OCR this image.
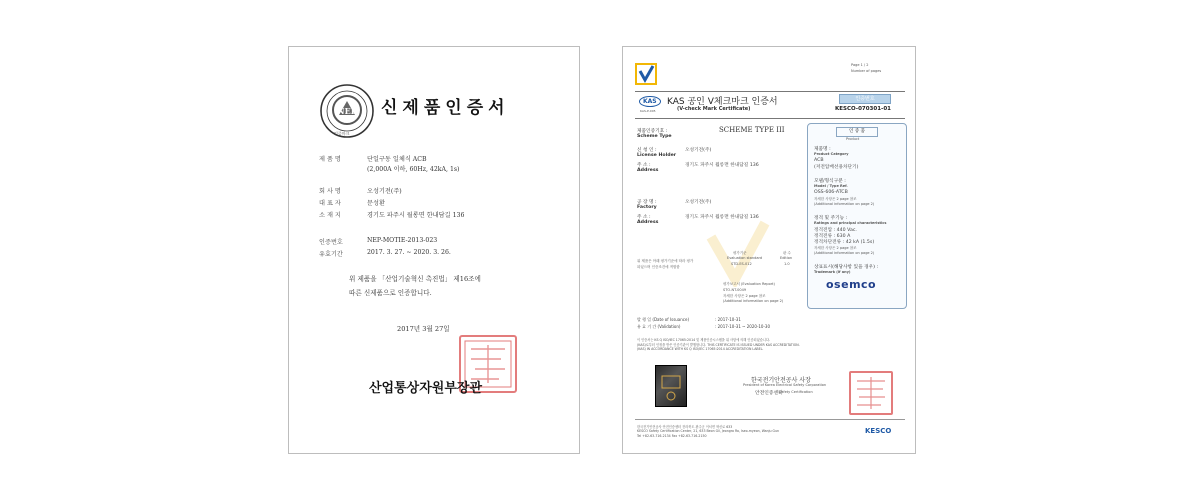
NEP
인증마크
신제품인증서
제 품 명	단일구동 일체식 ACB
(2,000A 이하, 60Hz, 42kA, 1s)
회 사 명	오성기전(주)
대 표 자	문성환
소 재 지	경기도 파주시 월롱면 한내담길 136
인증번호	NEP-MOTIE-2013-023
유효기간	2017. 3. 27. ~ 2020. 3. 26.
위 제품을 「산업기술혁신 촉진법」 제16조에
따른 신제품으로 인증합니다.
2017년 3월 27일
산업통상자원부장관
Page 1 / 2
Number of pages
KAS
KAS-P-005
KAS 공인 V체크마크 인증서
(V-check Mark Certificate)
인증번호
KESCO-070301-01
제품인증기호 :
Scheme Type
SCHEME TYPE III
신 청 인 :
License Holder
오성기전(주)
주 소 :
Address
경기도 파주시 월롱면 한내담길 136
공 장 명 :
Factory
오성기전(주)
주 소 :
Address
경기도 파주시 월롱면 한내담길 136
위 제품은 아래 평가기준에 따라 평가
되었으며 인증조건에 적합함
평가기준
Evaluation standard
STD-ES-012
판 수
Edition
1.0
평가보고서 (Evaluation Report)
STO-NT-0049
자세한 사항은 2 page 참조
(Additional information on page 2)
발 행 일 (Date of Issuance)	: 2017-10-31
유 효 기 간 (Validation)	: 2017-10-31 ~ 2020-10-30
이 인증서는 KS Q ISO/IEC 17065:2014 및 제품인증시스템을 위 사항에 의해 인증되었습니다.
(KAS)로부터 인정을 받은 인증기관이 발행합니다. THIS CERTIFICATE IS ISSUED UNDER KAS ACCREDITATION.
(KAS) IN ACCORDANCE WITH KS Q ISO/IEC 17065:2014 ACCREDITATION LABEL.
한국전기안전공사 사장
President of Korea Electrical Safety Corporation
안전인증센터
Safety Certification
한국전기안전공사 안전인증센터 전라북도 완주군 이서면 혁신로 633
KESCO Safety Certification Center, 21, 633 Beon Gil, Jeongro Ro, Iseo-myeon, Wanju Gun
Tel +82-63-716-2134 Fax +82-63-716-2150
KESCO
인 증 품
Product
제품명 :
Product Category
ACB
(저전압배선용차단기)
모델/형식구분 :
Model / Type Ref.
OSS-606-ATCB
자세한 사항은 2 page 참조
(Additional information on page 2)
정격 및 주기능 :
Ratings and principal characteristics
정격전압 : 440 Vac.
정격전류 : 630 A
정격차단전류 : 42 kA (1.5s)
자세한 사항은 2 page 참조
(Additional information on page 2)
상표표시(해당사항 있을 경우) :
Trademark (if any)
osemco
